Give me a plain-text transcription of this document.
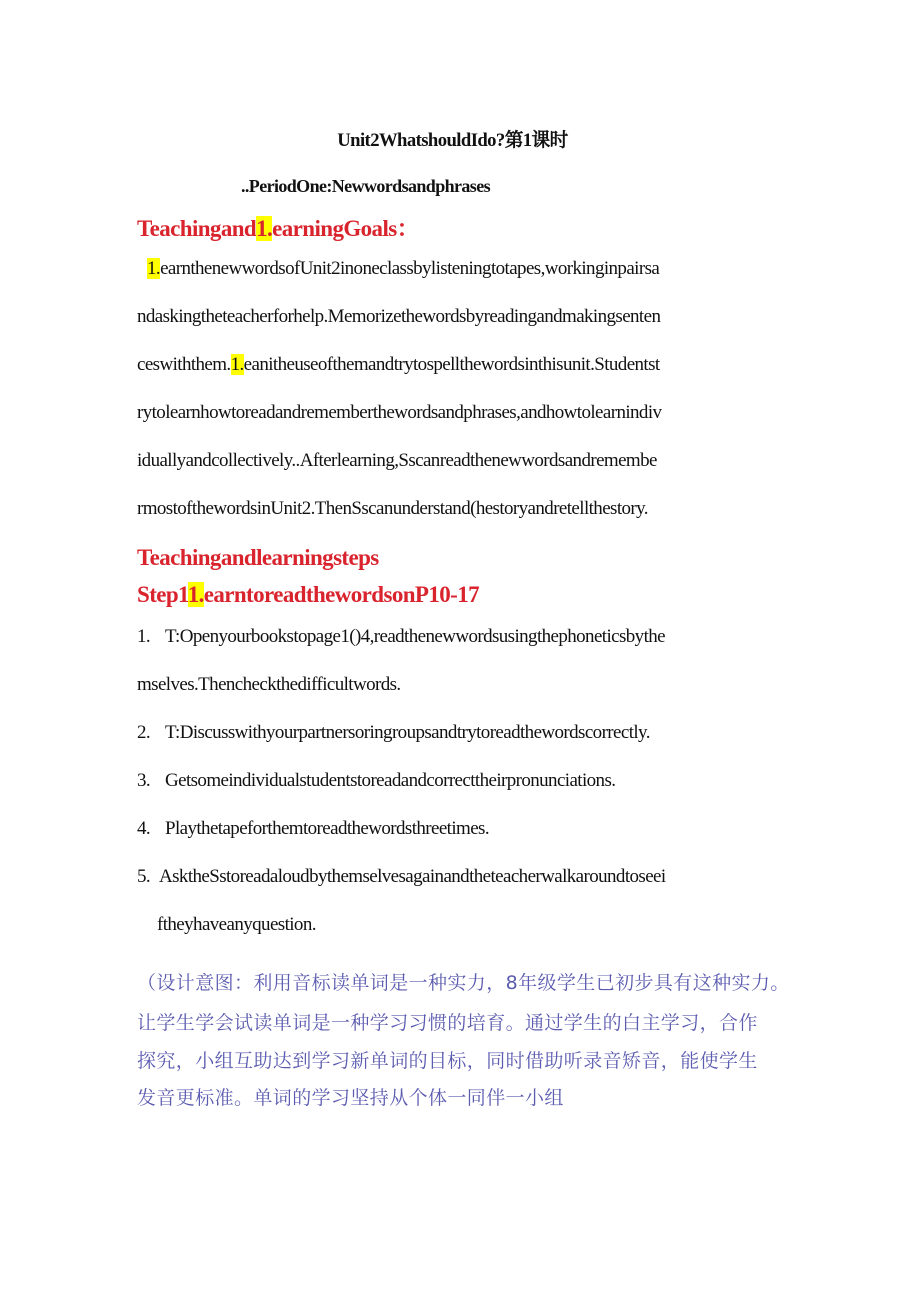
Unit2WhatshouldIdo?第1课时
..PeriodOne:Newwordsandphrases
Teachingand1.earningGoals：
1.earnthenewwordsofUnit2inoneclassbylisteningtotapes,workinginpairsa
ndaskingtheteacherforhelp.Memorizethewordsbyreadingandmakingsenten
ceswiththem.1.eanitheuseofthemandtrytospellthewordsinthisunit.Studentst
rytolearnhowtoreadandrememberthewordsandphrases,andhowtolearnindiv
iduallyandcollectively..Afterlearning,Sscanreadthenewwordsandremembe
rmostofthewordsinUnit2.ThenSscanunderstand(hestoryandretellthestory.
Teachingandlearningsteps
Step11.earntoreadthewordsonP10-17
1. T:Openyourbookstopage1()4,readthenewwordsusingthephoneticsbythe
mselves.Thencheckthedifficultwords.
2. T:Discusswithyourpartnersoringroupsandtrytoreadthewordscorrectly.
3. Getsomeindividualstudentstoreadandcorrecttheirpronunciations.
4. Playthetapeforthemtoreadthewordsthreetimes.
5. AsktheSstoreadaloudbythemselvesagainandtheteacherwalkaroundtoseei
ftheyhaveanyquestion.
（设计意图：利用音标读单词是一种实力，8年级学生已初步具有这种实力。
让学生学会试读单词是一种学习习惯的培育。通过学生的白主学习，合作
探究，小组互助达到学习新单词的目标，同时借助听录音矫音，能使学生
发音更标准。单词的学习坚持从个体一同伴一小组
